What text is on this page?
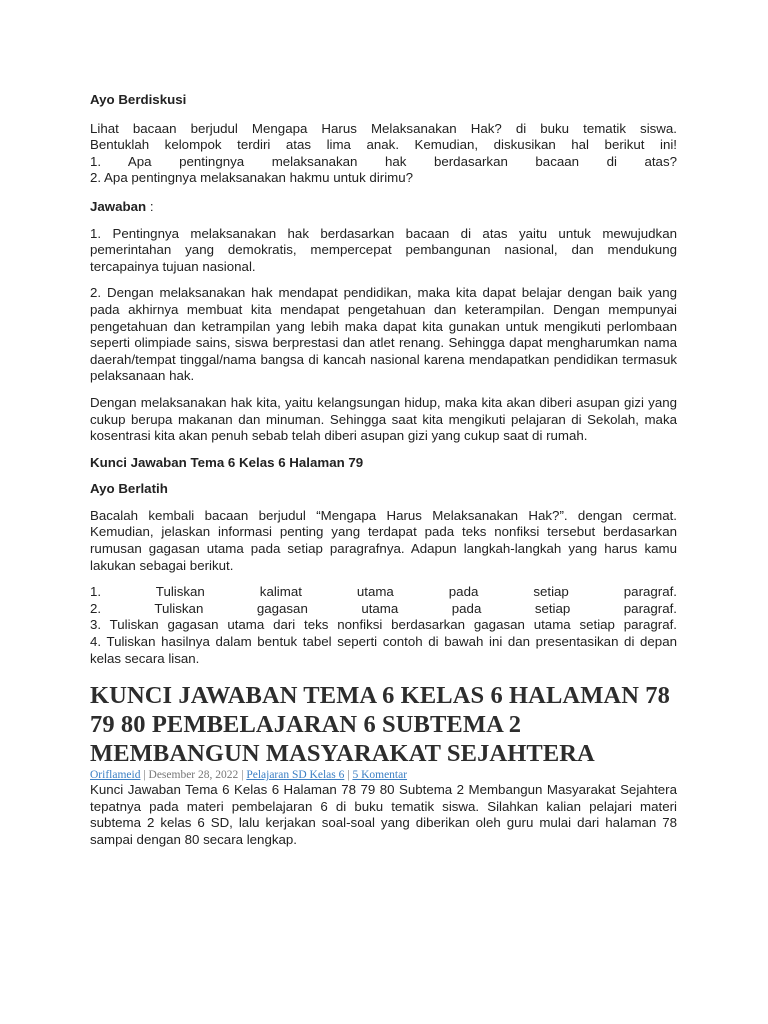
Ayo Berdiskusi

Lihat bacaan berjudul Mengapa Harus Melaksanakan Hak? di buku tematik siswa.

Bentuklah kelompok terdiri atas lima anak. Kemudian, diskusikan hal berikut ini!

1. Apa pentingnya melaksanakan hak berdasarkan bacaan di atas?

2. Apa pentingnya melaksanakan hakmu untuk dirimu?

Jawaban :

1. Pentingnya melaksanakan hak berdasarkan bacaan di atas yaitu untuk mewujudkan pemerintahan yang demokratis, mempercepat pembangunan nasional, dan mendukung tercapainya tujuan nasional.

2. Dengan melaksanakan hak mendapat pendidikan, maka kita dapat belajar dengan baik yang pada akhirnya membuat kita mendapat pengetahuan dan keterampilan. Dengan mempunyai pengetahuan dan ketrampilan yang lebih maka dapat kita gunakan untuk mengikuti perlombaan seperti olimpiade sains, siswa berprestasi dan atlet renang. Sehingga dapat mengharumkan nama daerah/tempat tinggal/nama bangsa di kancah nasional karena mendapatkan pendidikan termasuk pelaksanaan hak.

Dengan melaksanakan hak kita, yaitu kelangsungan hidup, maka kita akan diberi asupan gizi yang cukup berupa makanan dan minuman. Sehingga saat kita mengikuti pelajaran di Sekolah, maka kosentrasi kita akan penuh sebab telah diberi asupan gizi yang cukup saat di rumah.

Kunci Jawaban Tema 6 Kelas 6 Halaman 79

Ayo Berlatih

Bacalah kembali bacaan berjudul “Mengapa Harus Melaksanakan Hak?”. dengan cermat. Kemudian, jelaskan informasi penting yang terdapat pada teks nonfiksi tersebut berdasarkan rumusan gagasan utama pada setiap paragrafnya. Adapun langkah-langkah yang harus kamu lakukan sebagai berikut.

1. Tuliskan kalimat utama pada setiap paragraf.

2. Tuliskan gagasan utama pada setiap paragraf.

3. Tuliskan gagasan utama dari teks nonfiksi berdasarkan gagasan utama setiap paragraf.

4. Tuliskan hasilnya dalam bentuk tabel seperti contoh di bawah ini dan presentasikan di depan kelas secara lisan.

KUNCI JAWABAN TEMA 6 KELAS 6 HALAMAN 78 79 80 PEMBELAJARAN 6 SUBTEMA 2 MEMBANGUN MASYARAKAT SEJAHTERA
Oriflameid | Desember 28, 2022 | Pelajaran SD Kelas 6 | 5 Komentar

Kunci Jawaban Tema 6 Kelas 6 Halaman 78 79 80 Subtema 2 Membangun Masyarakat Sejahtera tepatnya pada materi pembelajaran 6 di buku tematik siswa. Silahkan kalian pelajari materi subtema 2 kelas 6 SD, lalu kerjakan soal-soal yang diberikan oleh guru mulai dari halaman 78 sampai dengan 80 secara lengkap.
